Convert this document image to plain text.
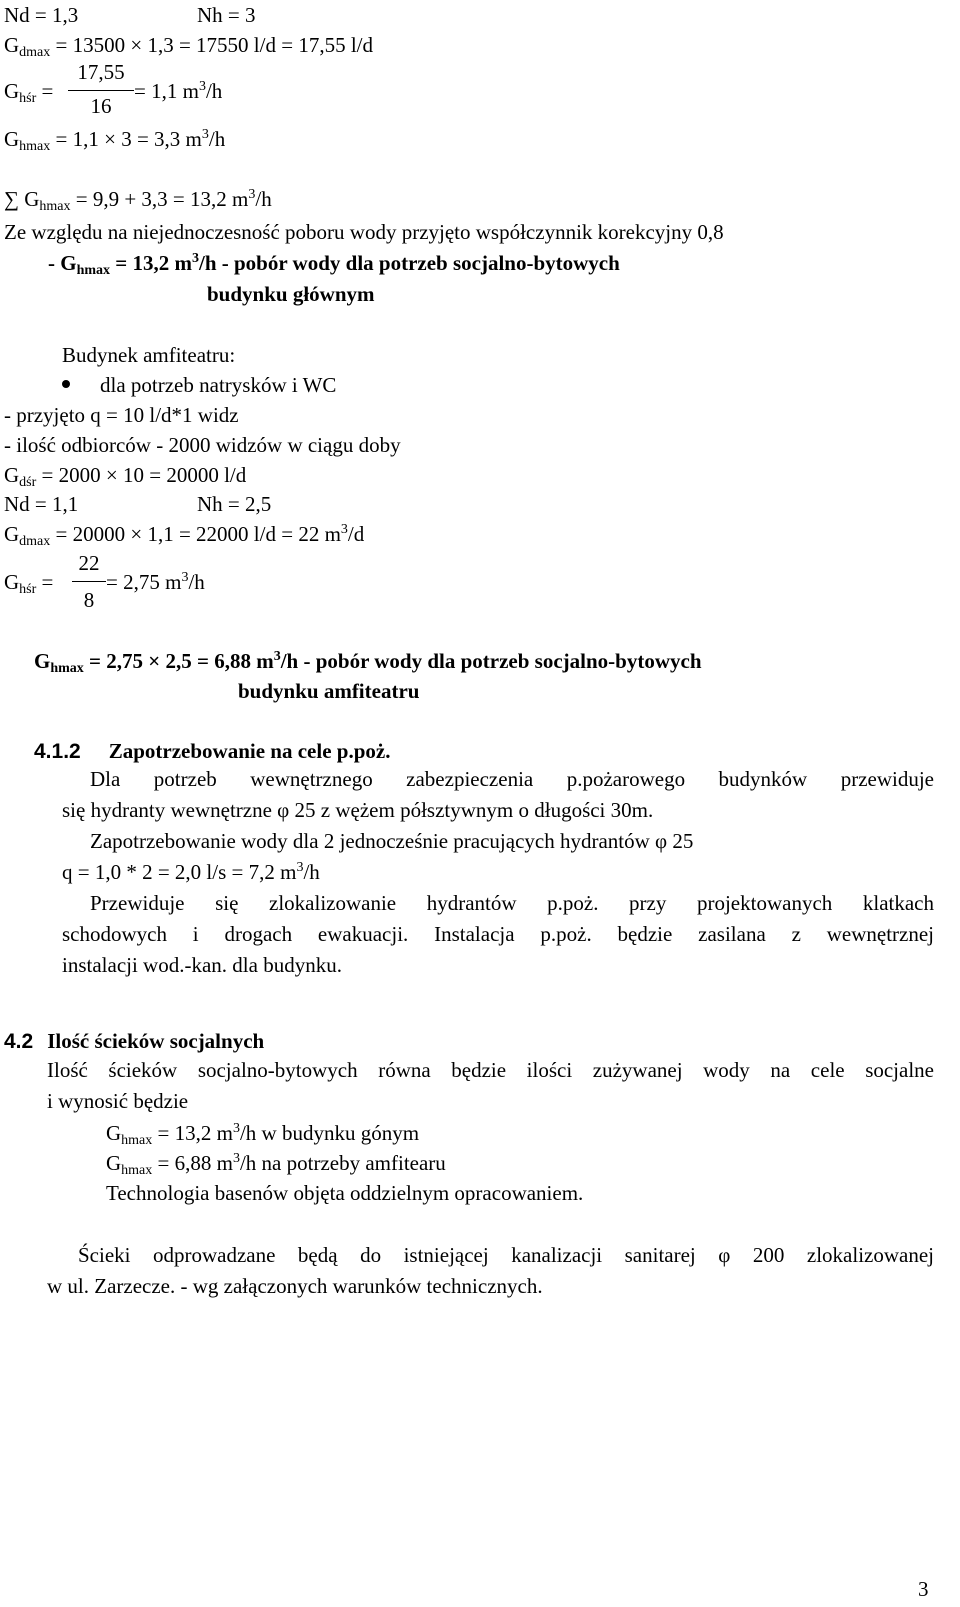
Nd = 1,3	Nh = 3
$G_{dmax} = 13500 \times 1,3 = 17550$ l/d = 17,55 l/d
$G_{hśr}$ =
17,55
16
= 1,1 $m^3/h$
$G_{hmax} = 1,1 \times 3 = 3,3$ $m^3/h$
∑ $G_{hmax} = 9,9 + 3,3 = 13,2$ $m^3/h$
Ze względu na niejednoczesność poboru wody przyjęto współczynnik korekcyjny 0,8
- $G_{hmax} = 13,2$ $m^3/h$ - pobór wody dla potrzeb socjalno-bytowych
budynku głównym
Budynek amfiteatru:
dla potrzeb natrysków i WC
- przyjęto q = 10 l/d*1 widz
- ilość odbiorców - 2000 widzów w ciągu doby
$G_{dśr} = 2000 \times 10 = 20000$ l/d
Nd = 1,1	Nh = 2,5
$G_{dmax} = 20000 \times 1,1 = 22000$ l/d = 22 $m^3/d$
$G_{hśr}$ =
22
8
= 2,75 $m^3/h$
$G_{hmax} = 2,75 \times 2,5 = 6,88$ $m^3/h$ - pobór wody dla potrzeb socjalno-bytowych
budynku amfiteatru
4.1.2 Zapotrzebowanie na cele p.poż.
Dla potrzeb wewnętrznego zabezpieczenia p.pożarowego budynków przewiduje
się hydranty wewnętrzne φ 25 z wężem półsztywnym o długości 30m.
Zapotrzebowanie wody dla 2 jednocześnie pracujących hydrantów φ 25
q = 1,0 * 2 = 2,0 l/s = 7,2 $m^3/h$
Przewiduje się zlokalizowanie hydrantów p.poż. przy projektowanych klatkach
schodowych i drogach ewakuacji. Instalacja p.poż. będzie zasilana z wewnętrznej
instalacji wod.-kan. dla budynku.
4.2 Ilość ścieków socjalnych
Ilość ścieków socjalno-bytowych równa będzie ilości zużywanej wody na cele socjalne
i wynosić będzie
$G_{hmax} = 13,2$ $m^3/h$ w budynku gónym
$G_{hmax} = 6,88$ $m^3/h$ na potrzeby amfitearu
Technologia basenów objęta oddzielnym opracowaniem.
Ścieki odprowadzane będą do istniejącej kanalizacji sanitarej φ 200 zlokalizowanej
w ul. Zarzecze. - wg załączonych warunków technicznych.
3
